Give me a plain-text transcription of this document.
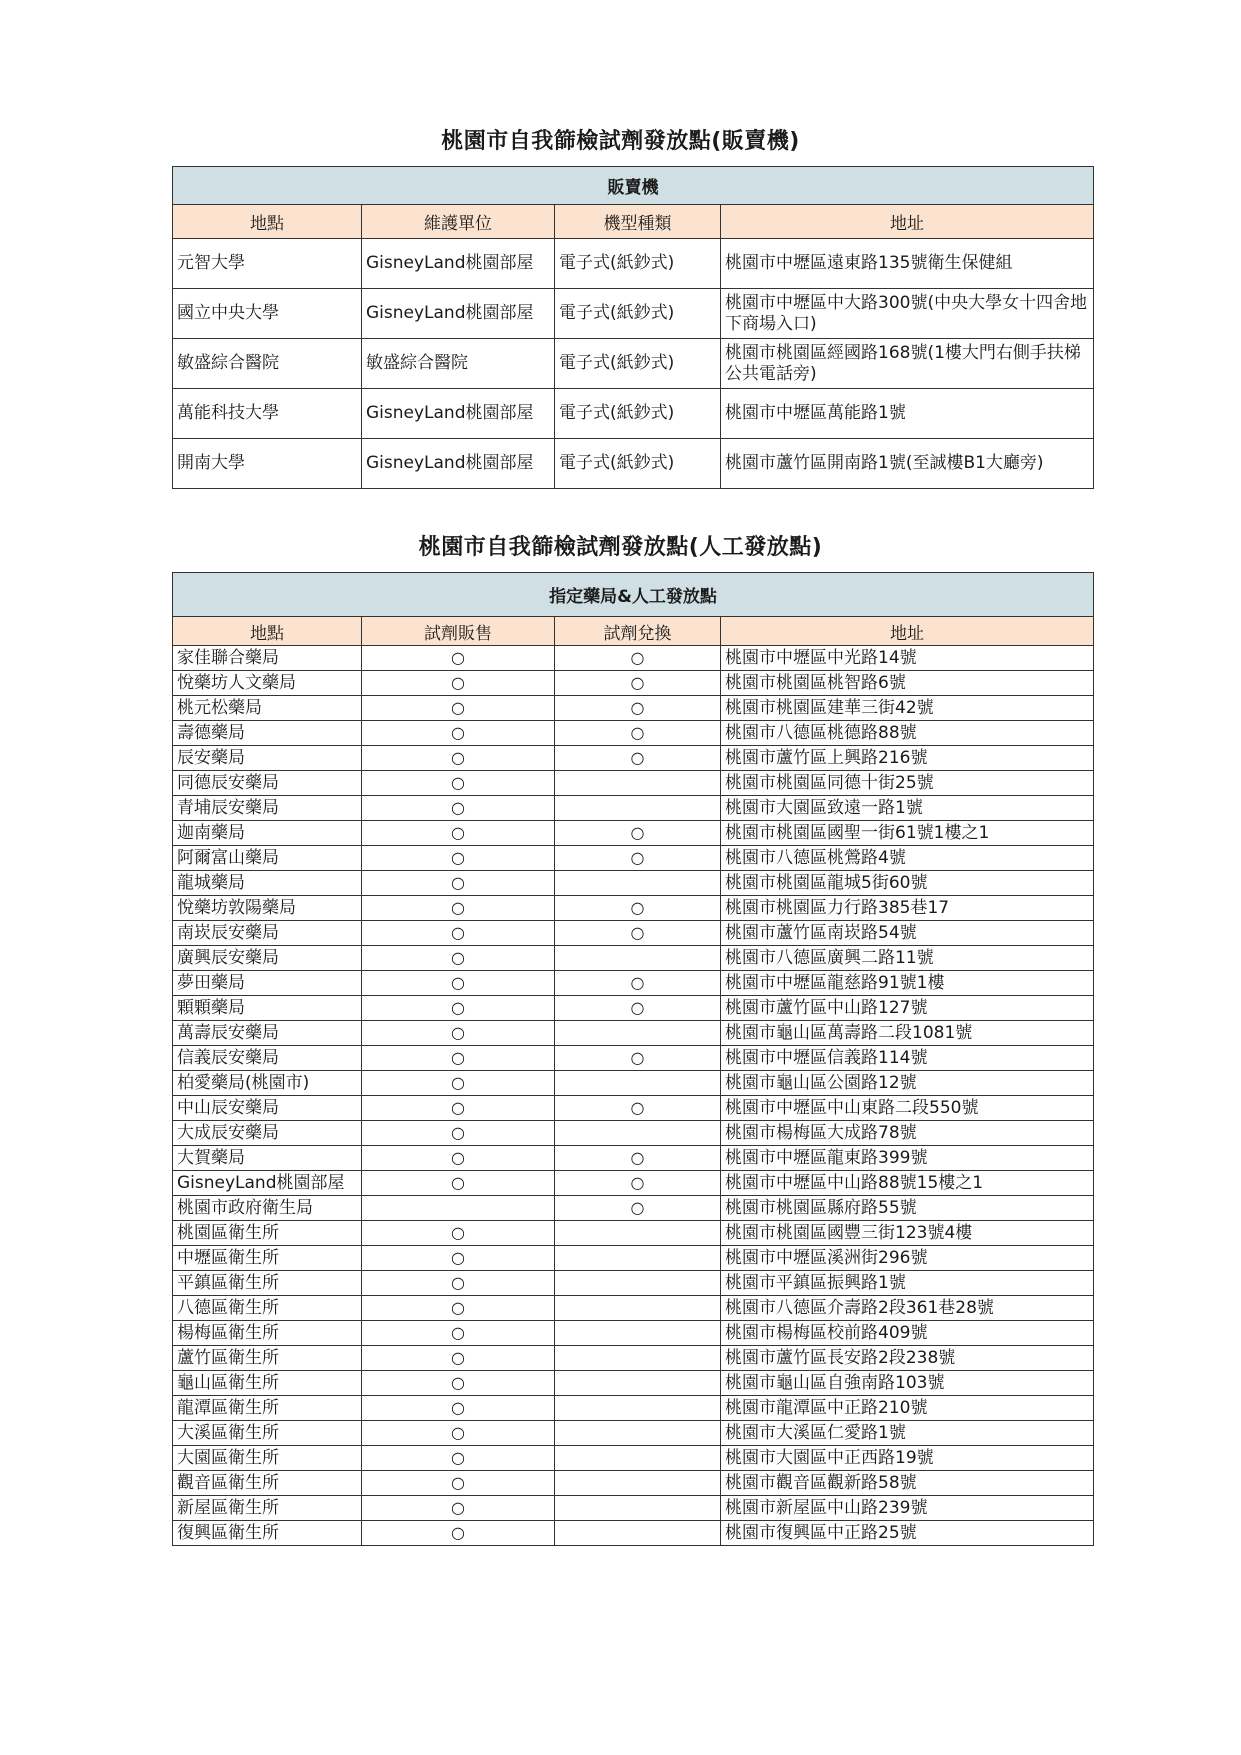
桃園市自我篩檢試劑發放點(販賣機)
販賣機			
地點	維護單位	機型種類	地址
元智大學	GisneyLand桃園部屋	電子式(紙鈔式)	桃園市中壢區遠東路135號衛生保健組
國立中央大學	GisneyLand桃園部屋	電子式(紙鈔式)	桃園市中壢區中大路300號(中央大學女十四舍地下商場入口)
敏盛綜合醫院	敏盛綜合醫院	電子式(紙鈔式)	桃園市桃園區經國路168號(1樓大門右側手扶梯公共電話旁)
萬能科技大學	GisneyLand桃園部屋	電子式(紙鈔式)	桃園市中壢區萬能路1號
開南大學	GisneyLand桃園部屋	電子式(紙鈔式)	桃園市蘆竹區開南路1號(至誠樓B1大廳旁)
桃園市自我篩檢試劑發放點(人工發放點)
指定藥局&人工發放點			
地點	試劑販售	試劑兌換	地址
家佳聯合藥局	○	○	桃園市中壢區中光路14號
悅藥坊人文藥局	○	○	桃園市桃園區桃智路6號
桃元松藥局	○	○	桃園市桃園區建華三街42號
壽德藥局	○	○	桃園市八德區桃德路88號
辰安藥局	○	○	桃園市蘆竹區上興路216號
同德辰安藥局	○		桃園市桃園區同德十街25號
青埔辰安藥局	○		桃園市大園區致遠一路1號
迦南藥局	○	○	桃園市桃園區國聖一街61號1樓之1
阿爾富山藥局	○	○	桃園市八德區桃鶯路4號
龍城藥局	○		桃園市桃園區龍城5街60號
悅藥坊敦陽藥局	○	○	桃園市桃園區力行路385巷17
南崁辰安藥局	○	○	桃園市蘆竹區南崁路54號
廣興辰安藥局	○		桃園市八德區廣興二路11號
夢田藥局	○	○	桃園市中壢區龍慈路91號1樓
顆顆藥局	○	○	桃園市蘆竹區中山路127號
萬壽辰安藥局	○		桃園市龜山區萬壽路二段1081號
信義辰安藥局	○	○	桃園市中壢區信義路114號
柏愛藥局(桃園市)	○		桃園市龜山區公園路12號
中山辰安藥局	○	○	桃園市中壢區中山東路二段550號
大成辰安藥局	○		桃園市楊梅區大成路78號
大賀藥局	○	○	桃園市中壢區龍東路399號
GisneyLand桃園部屋	○	○	桃園市中壢區中山路88號15樓之1
桃園市政府衛生局		○	桃園市桃園區縣府路55號
桃園區衛生所	○		桃園市桃園區國豐三街123號4樓
中壢區衛生所	○		桃園市中壢區溪洲街296號
平鎮區衛生所	○		桃園市平鎮區振興路1號
八德區衛生所	○		桃園市八德區介壽路2段361巷28號
楊梅區衛生所	○		桃園市楊梅區校前路409號
蘆竹區衛生所	○		桃園市蘆竹區長安路2段238號
龜山區衛生所	○		桃園市龜山區自強南路103號
龍潭區衛生所	○		桃園市龍潭區中正路210號
大溪區衛生所	○		桃園市大溪區仁愛路1號
大園區衛生所	○		桃園市大園區中正西路19號
觀音區衛生所	○		桃園市觀音區觀新路58號
新屋區衛生所	○		桃園市新屋區中山路239號
復興區衛生所	○		桃園市復興區中正路25號
